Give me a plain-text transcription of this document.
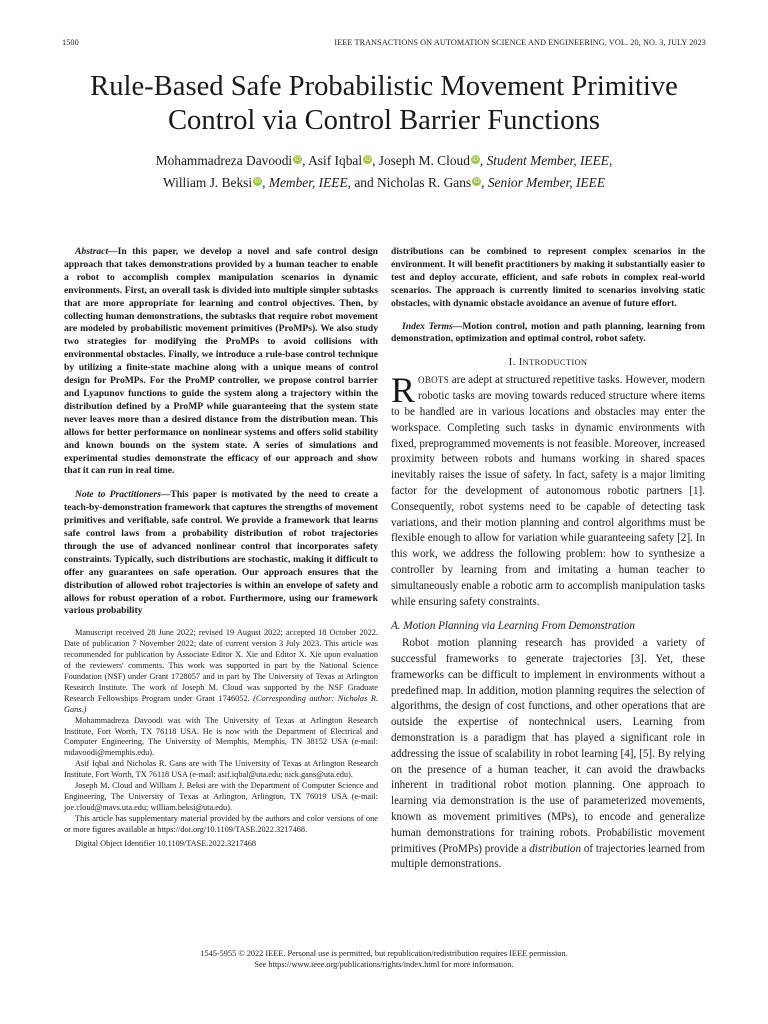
1500	IEEE TRANSACTIONS ON AUTOMATION SCIENCE AND ENGINEERING, VOL. 20, NO. 3, JULY 2023
Rule-Based Safe Probabilistic Movement Primitive
Control via Control Barrier Functions
Mohammadreza Davoodi iD, Asif Iqbal iD, Joseph M. Cloud iD, Student Member, IEEE,
William J. Beksi iD, Member, IEEE, and Nicholas R. Gans iD, Senior Member, IEEE

Abstract—In this paper, we develop a novel and safe control design approach that takes demonstrations provided by a human teacher to enable a robot to accomplish complex manipulation scenarios in dynamic environments. First, an overall task is divided into multiple simpler subtasks that are more appropriate for learning and control objectives. Then, by collecting human demonstrations, the subtasks that require robot movement are modeled by probabilistic movement primitives (ProMPs). We also study two strategies for modifying the ProMPs to avoid collisions with environmental obstacles. Finally, we introduce a rule-base control technique by utilizing a finite-state machine along with a unique means of control design for ProMPs. For the ProMP controller, we propose control barrier and Lyapunov functions to guide the system along a trajectory within the distribution defined by a ProMP while guaranteeing that the system state never leaves more than a desired distance from the distribution mean. This allows for better performance on nonlinear systems and offers solid stability and known bounds on the system state. A series of simulations and experimental studies demonstrate the efficacy of our approach and show that it can run in real time.

Note to Practitioners—This paper is motivated by the need to create a teach-by-demonstration framework that captures the strengths of movement primitives and verifiable, safe control. We provide a framework that learns safe control laws from a probability distribution of robot trajectories through the use of advanced nonlinear control that incorporates safety constraints. Typically, such distributions are stochastic, making it difficult to offer any guarantees on safe operation. Our approach ensures that the distribution of allowed robot trajectories is within an envelope of safety and allows for robust operation of a robot. Furthermore, using our framework various probability

Manuscript received 28 June 2022; revised 19 August 2022; accepted 18 October 2022. Date of publication 7 November 2022; date of current version 3 July 2023. This article was recommended for publication by Associate Editor X. Xie and Editor X. Xie upon evaluation of the reviewers' comments. This work was supported in part by the National Science Foundation (NSF) under Grant 1728057 and in part by The University of Texas at Arlington Research Institute. The work of Joseph M. Cloud was supported by the NSF Graduate Research Fellowships Program under Grant 1746052. (Corresponding author: Nicholas R. Gans.)

Mohammadreza Davoodi was with The University of Texas at Arlington Research Institute, Fort Worth, TX 76118 USA. He is now with the Department of Electrical and Computer Engineering, The University of Memphis, Memphis, TN 38152 USA (e-mail: mdavoodi@memphis.edu).

Asif Iqbal and Nicholas R. Gans are with The University of Texas at Arlington Research Institute, Fort Worth, TX 76118 USA (e-mail: asif.iqbal@uta.edu; nick.gans@uta.edu).

Joseph M. Cloud and William J. Beksi are with the Department of Computer Science and Engineering, The University of Texas at Arlington, Arlington, TX 76019 USA (e-mail: joe.cloud@mavs.uta.edu; william.beksi@uta.edu).

This article has supplementary material provided by the authors and color versions of one or more figures available at https://doi.org/10.1109/TASE.2022.3217468.

Digital Object Identifier 10.1109/TASE.2022.3217468

distributions can be combined to represent complex scenarios in the environment. It will benefit practitioners by making it substantially easier to test and deploy accurate, efficient, and safe robots in complex real-world scenarios. The approach is currently limited to scenarios involving static obstacles, with dynamic obstacle avoidance an avenue of future effort.

Index Terms—Motion control, motion and path planning, learning from demonstration, optimization and optimal control, robot safety.

I. INTRODUCTION

ROBOTS are adept at structured repetitive tasks. However, modern robotic tasks are moving towards reduced structure where items to be handled are in various locations and obstacles may enter the workspace. Completing such tasks in dynamic environments with fixed, preprogrammed movements is not feasible. Moreover, increased proximity between robots and humans working in shared spaces inevitably raises the issue of safety. In fact, safety is a major limiting factor for the development of autonomous robotic partners [1]. Consequently, robot systems need to be capable of detecting task variations, and their motion planning and control algorithms must be flexible enough to allow for variation while guaranteeing safety [2]. In this work, we address the following problem: how to synthesize a controller by learning from and imitating a human teacher to simultaneously enable a robotic arm to accomplish manipulation tasks while ensuring safety constraints.

A. Motion Planning via Learning From Demonstration

Robot motion planning research has provided a variety of successful frameworks to generate trajectories [3]. Yet, these frameworks can be difficult to implement in environments without a predefined map. In addition, motion planning requires the selection of algorithms, the design of cost functions, and other operations that are outside the expertise of nontechnical users. Learning from demonstration is a paradigm that has played a significant role in addressing the issue of scalability in robot learning [4], [5]. By relying on the presence of a human teacher, it can avoid the drawbacks inherent in traditional robot motion planning. One approach to learning via demonstration is the use of parameterized movements, known as movement primitives (MPs), to encode and generalize human demonstrations for training robots. Probabilistic movement primitives (ProMPs) provide a distribution of trajectories learned from multiple demonstrations.

1545-5955 © 2022 IEEE. Personal use is permitted, but republication/redistribution requires IEEE permission.
See https://www.ieee.org/publications/rights/index.html for more information.
